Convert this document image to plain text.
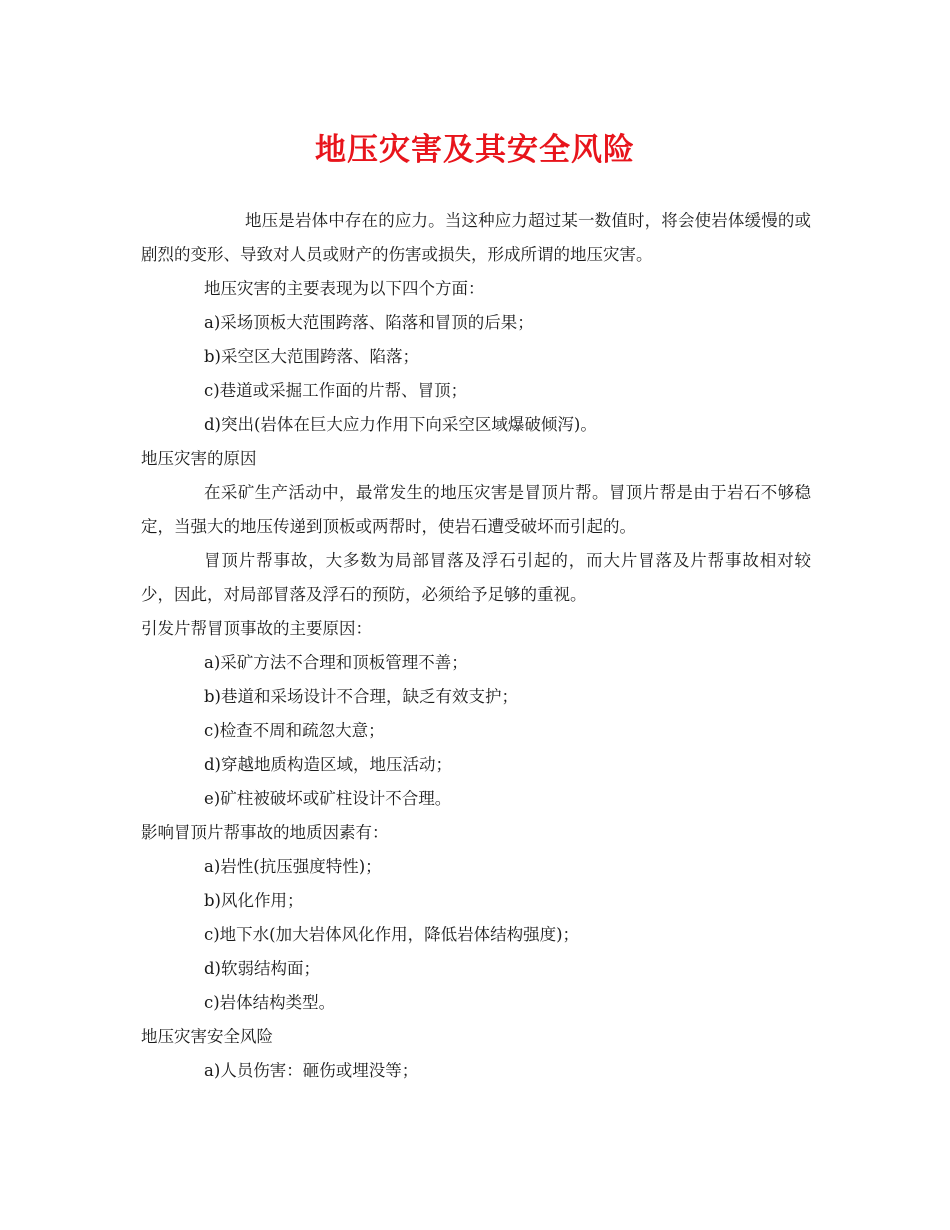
地压灾害及其安全风险

地压是岩体中存在的应力。当这种应力超过某一数值时，将会使岩体缓慢的或剧烈的变形、导致对人员或财产的伤害或损失，形成所谓的地压灾害。

地压灾害的主要表现为以下四个方面：

a)采场顶板大范围跨落、陷落和冒顶的后果；

b)采空区大范围跨落、陷落；

c)巷道或采掘工作面的片帮、冒顶；

d)突出(岩体在巨大应力作用下向采空区域爆破倾泻)。

地压灾害的原因

在采矿生产活动中，最常发生的地压灾害是冒顶片帮。冒顶片帮是由于岩石不够稳定，当强大的地压传递到顶板或两帮时，使岩石遭受破坏而引起的。

冒顶片帮事故，大多数为局部冒落及浮石引起的，而大片冒落及片帮事故相对较少，因此，对局部冒落及浮石的预防，必须给予足够的重视。

引发片帮冒顶事故的主要原因：

a)采矿方法不合理和顶板管理不善；

b)巷道和采场设计不合理，缺乏有效支护；

c)检查不周和疏忽大意；

d)穿越地质构造区域，地压活动；

e)矿柱被破坏或矿柱设计不合理。

影响冒顶片帮事故的地质因素有：

a)岩性(抗压强度特性)；

b)风化作用；

c)地下水(加大岩体风化作用，降低岩体结构强度)；

d)软弱结构面；

c)岩体结构类型。

地压灾害安全风险

a)人员伤害：砸伤或埋没等；
